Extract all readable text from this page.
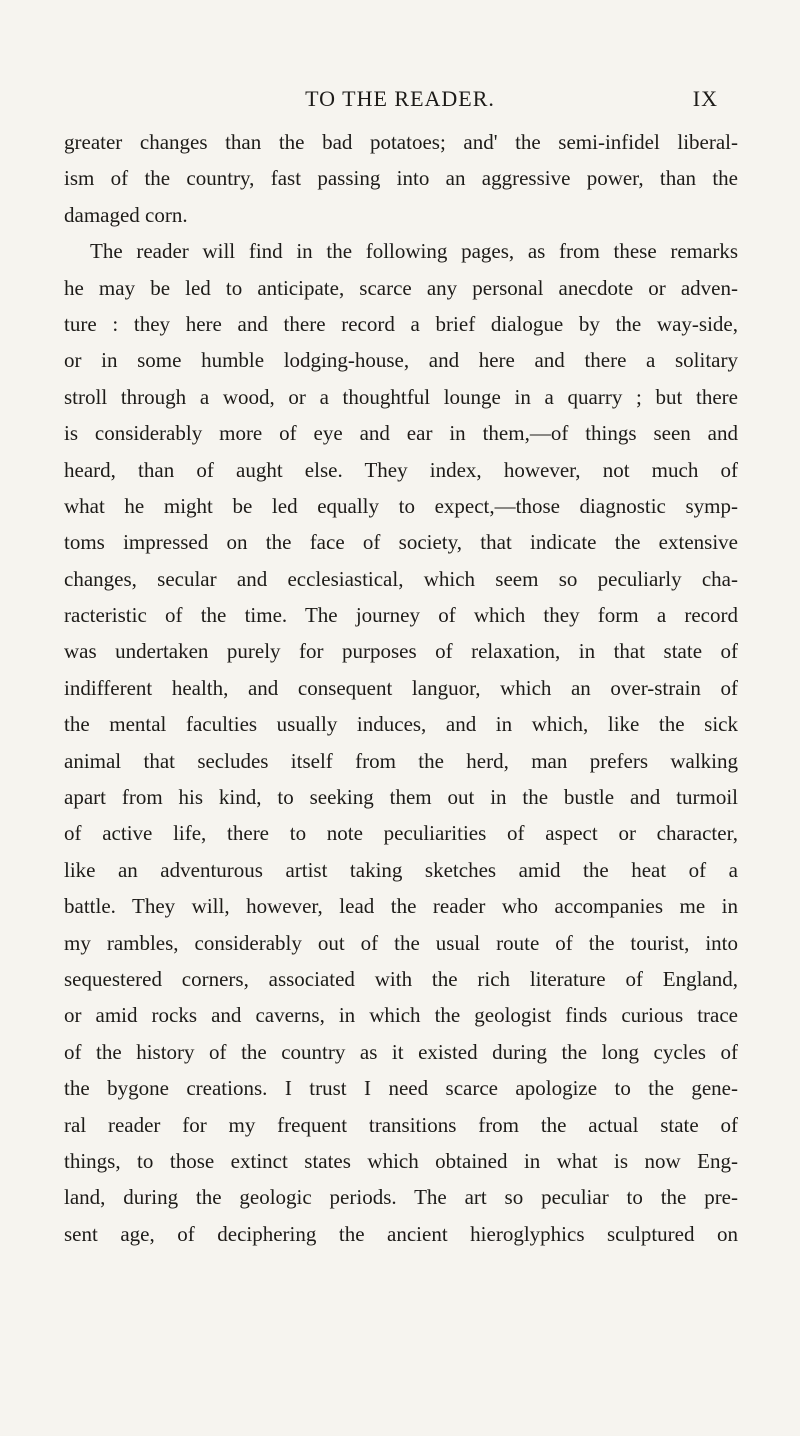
TO THE READER.	IX
greater changes than the bad potatoes; and' the semi-infidel liberal-
ism of the country, fast passing into an aggressive power, than the
damaged corn.
The reader will find in the following pages, as from these remarks
he may be led to anticipate, scarce any personal anecdote or adven-
ture : they here and there record a brief dialogue by the way-side,
or in some humble lodging-house, and here and there a solitary
stroll through a wood, or a thoughtful lounge in a quarry ; but there
is considerably more of eye and ear in them,—of things seen and
heard, than of aught else. They index, however, not much of
what he might be led equally to expect,—those diagnostic symp-
toms impressed on the face of society, that indicate the extensive
changes, secular and ecclesiastical, which seem so peculiarly cha-
racteristic of the time. The journey of which they form a record
was undertaken purely for purposes of relaxation, in that state of
indifferent health, and consequent languor, which an over-strain of
the mental faculties usually induces, and in which, like the sick
animal that secludes itself from the herd, man prefers walking
apart from his kind, to seeking them out in the bustle and turmoil
of active life, there to note peculiarities of aspect or character,
like an adventurous artist taking sketches amid the heat of a
battle. They will, however, lead the reader who accompanies me in
my rambles, considerably out of the usual route of the tourist, into
sequestered corners, associated with the rich literature of England,
or amid rocks and caverns, in which the geologist finds curious trace
of the history of the country as it existed during the long cycles of
the bygone creations. I trust I need scarce apologize to the gene-
ral reader for my frequent transitions from the actual state of
things, to those extinct states which obtained in what is now Eng-
land, during the geologic periods. The art so peculiar to the pre-
sent age, of deciphering the ancient hieroglyphics sculptured on
